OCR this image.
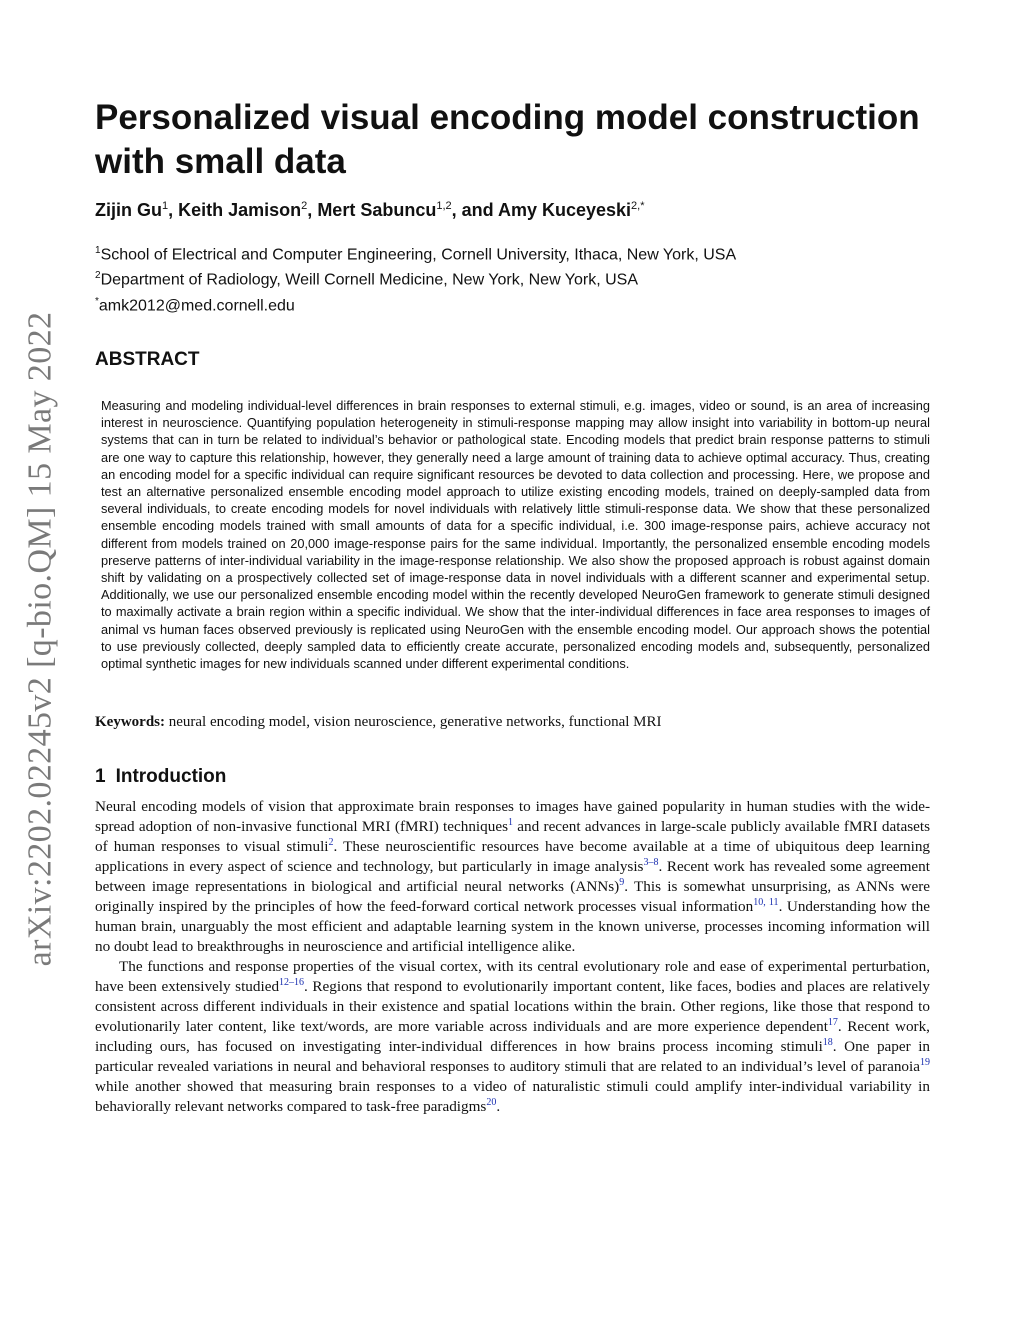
arXiv:2202.02245v2 [q-bio.QM] 15 May 2022
Personalized visual encoding model construction
with small data
Zijin Gu$^1$, Keith Jamison$^2$, Mert Sabuncu$^{1,2}$, and Amy Kuceyeski$^{2,*}$
$^1$School of Electrical and Computer Engineering, Cornell University, Ithaca, New York, USA
$^2$Department of Radiology, Weill Cornell Medicine, New York, New York, USA
*amk2012@med.cornell.edu
ABSTRACT

Measuring and modeling individual-level differences in brain responses to external stimuli, e.g. images, video or sound, is an area of increasing interest in neuroscience. Quantifying population heterogeneity in stimuli-response mapping may allow insight into variability in bottom-up neural systems that can in turn be related to individual’s behavior or pathological state. Encoding models that predict brain response patterns to stimuli are one way to capture this relationship, however, they generally need a large amount of training data to achieve optimal accuracy. Thus, creating an encoding model for a specific individual can require significant resources be devoted to data collection and processing. Here, we propose and test an alternative personalized ensemble encoding model approach to utilize existing encoding models, trained on deeply-sampled data from several individuals, to create encoding models for novel individuals with relatively little stimuli-response data. We show that these personalized ensemble encoding models trained with small amounts of data for a specific individual, i.e. 300 image-response pairs, achieve accuracy not different from models trained on 20,000 image-response pairs for the same individual. Importantly, the personalized ensemble encoding models preserve patterns of inter-individual variability in the image-response relationship. We also show the proposed approach is robust against domain shift by validating on a prospectively collected set of image-response data in novel individuals with a different scanner and experimental setup. Additionally, we use our personalized ensemble encoding model within the recently developed NeuroGen framework to generate stimuli designed to maximally activate a brain region within a specific individual. We show that the inter-individual differences in face area responses to images of animal vs human faces observed previously is replicated using NeuroGen with the ensemble encoding model. Our approach shows the potential to use previously collected, deeply sampled data to efficiently create accurate, personalized encoding models and, subsequently, personalized optimal synthetic images for new individuals scanned under different experimental conditions.

Keywords: neural encoding model, vision neuroscience, generative networks, functional MRI
1 Introduction

Neural encoding models of vision that approximate brain responses to images have gained popularity in human studies with the wide-spread adoption of non-invasive functional MRI (fMRI) techniques$^1$ and recent advances in large-scale publicly available fMRI datasets of human responses to visual stimuli$^2$. These neuroscientific resources have become available at a time of ubiquitous deep learning applications in every aspect of science and technology, but particularly in image analysis$^{3-8}$. Recent work has revealed some agreement between image representations in biological and artificial neural networks (ANNs)$^9$. This is somewhat unsurprising, as ANNs were originally inspired by the principles of how the feed-forward cortical network processes visual information$^{10, 11}$. Understanding how the human brain, unarguably the most efficient and adaptable learning system in the known universe, processes incoming information will no doubt lead to breakthroughs in neuroscience and artificial intelligence alike.

The functions and response properties of the visual cortex, with its central evolutionary role and ease of experimental perturbation, have been extensively studied$^{12-16}$. Regions that respond to evolutionarily important content, like faces, bodies and places are relatively consistent across different individuals in their existence and spatial locations within the brain. Other regions, like those that respond to evolutionarily later content, like text/words, are more variable across individuals and are more experience dependent$^{17}$. Recent work, including ours, has focused on investigating inter-individual differences in how brains process incoming stimuli$^{18}$. One paper in particular revealed variations in neural and behavioral responses to auditory stimuli that are related to an individual’s level of paranoia$^{19}$ while another showed that measuring brain responses to a video of naturalistic stimuli could amplify inter-individual variability in behaviorally relevant networks compared to task-free paradigms$^{20}$.
